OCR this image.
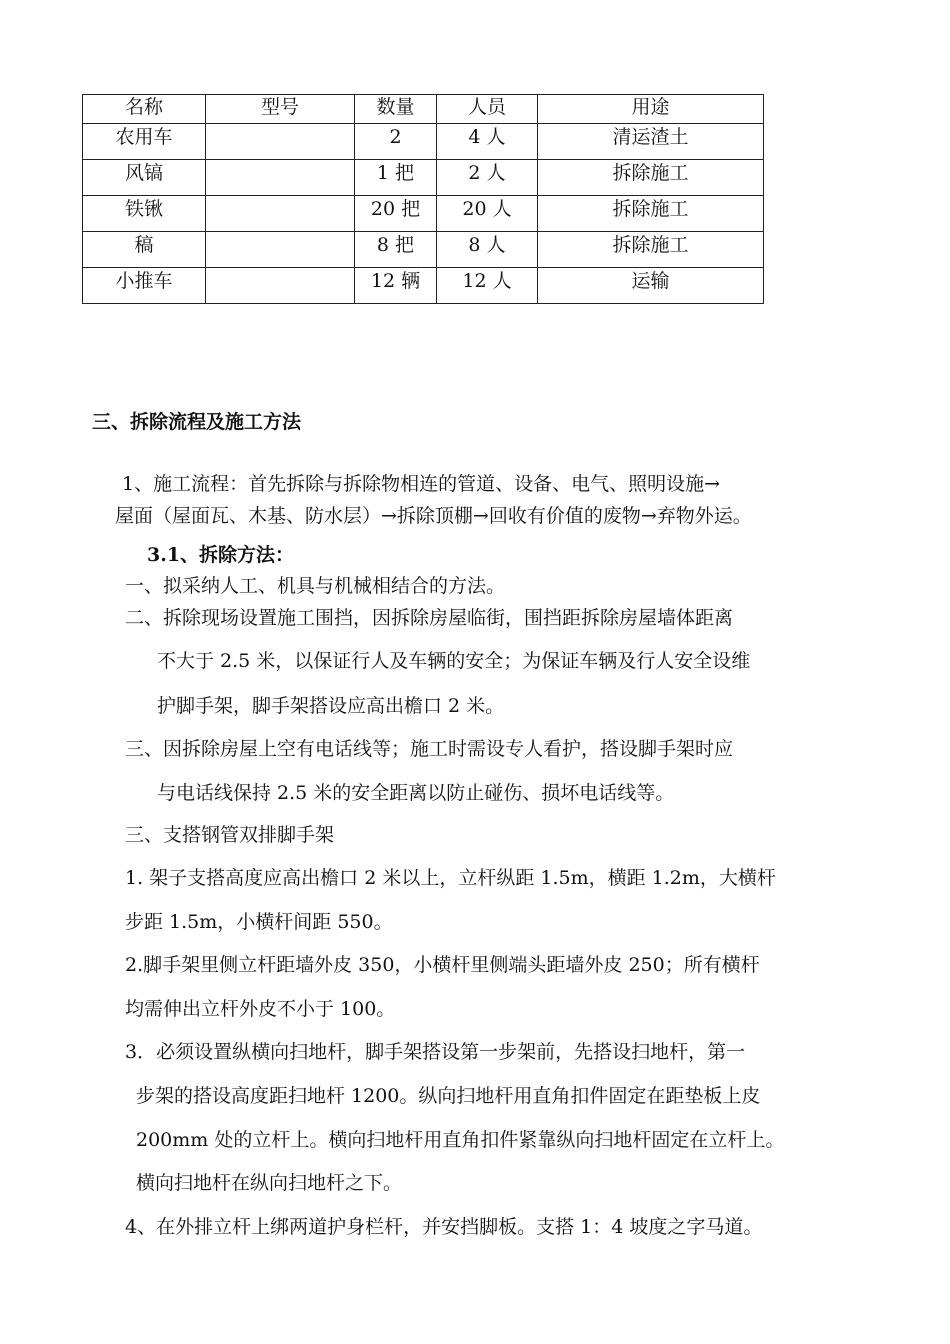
名称	型号	数量	人员	用途
农用车		2	4 人	清运渣土
风镐		1 把	2 人	拆除施工
铁锹		20 把	20 人	拆除施工
稿		8 把	8 人	拆除施工
小推车		12 辆	12 人	运输
三、拆除流程及施工方法
1、施工流程：首先拆除与拆除物相连的管道、设备、电气、照明设施→
屋面（屋面瓦、木基、防水层）→拆除顶棚→回收有价值的废物→弃物外运。
3.1、拆除方法：
一、拟采纳人工、机具与机械相结合的方法。
二、拆除现场设置施工围挡，因拆除房屋临街，围挡距拆除房屋墙体距离
不大于 2.5 米，以保证行人及车辆的安全；为保证车辆及行人安全设维
护脚手架，脚手架搭设应高出檐口 2 米。
三、因拆除房屋上空有电话线等；施工时需设专人看护，搭设脚手架时应
与电话线保持 2.5 米的安全距离以防止碰伤、损坏电话线等。
三、支搭钢管双排脚手架
1. 架子支搭高度应高出檐口 2 米以上，立杆纵距 1.5m，横距 1.2m，大横杆
步距 1.5m，小横杆间距 550。
2.脚手架里侧立杆距墙外皮 350，小横杆里侧端头距墙外皮 250；所有横杆
均需伸出立杆外皮不小于 100。
3．必须设置纵横向扫地杆，脚手架搭设第一步架前，先搭设扫地杆，第一
步架的搭设高度距扫地杆 1200。纵向扫地杆用直角扣件固定在距垫板上皮
200mm 处的立杆上。横向扫地杆用直角扣件紧靠纵向扫地杆固定在立杆上。
横向扫地杆在纵向扫地杆之下。
4、在外排立杆上绑两道护身栏杆，并安挡脚板。支搭 1：4 坡度之字马道。
